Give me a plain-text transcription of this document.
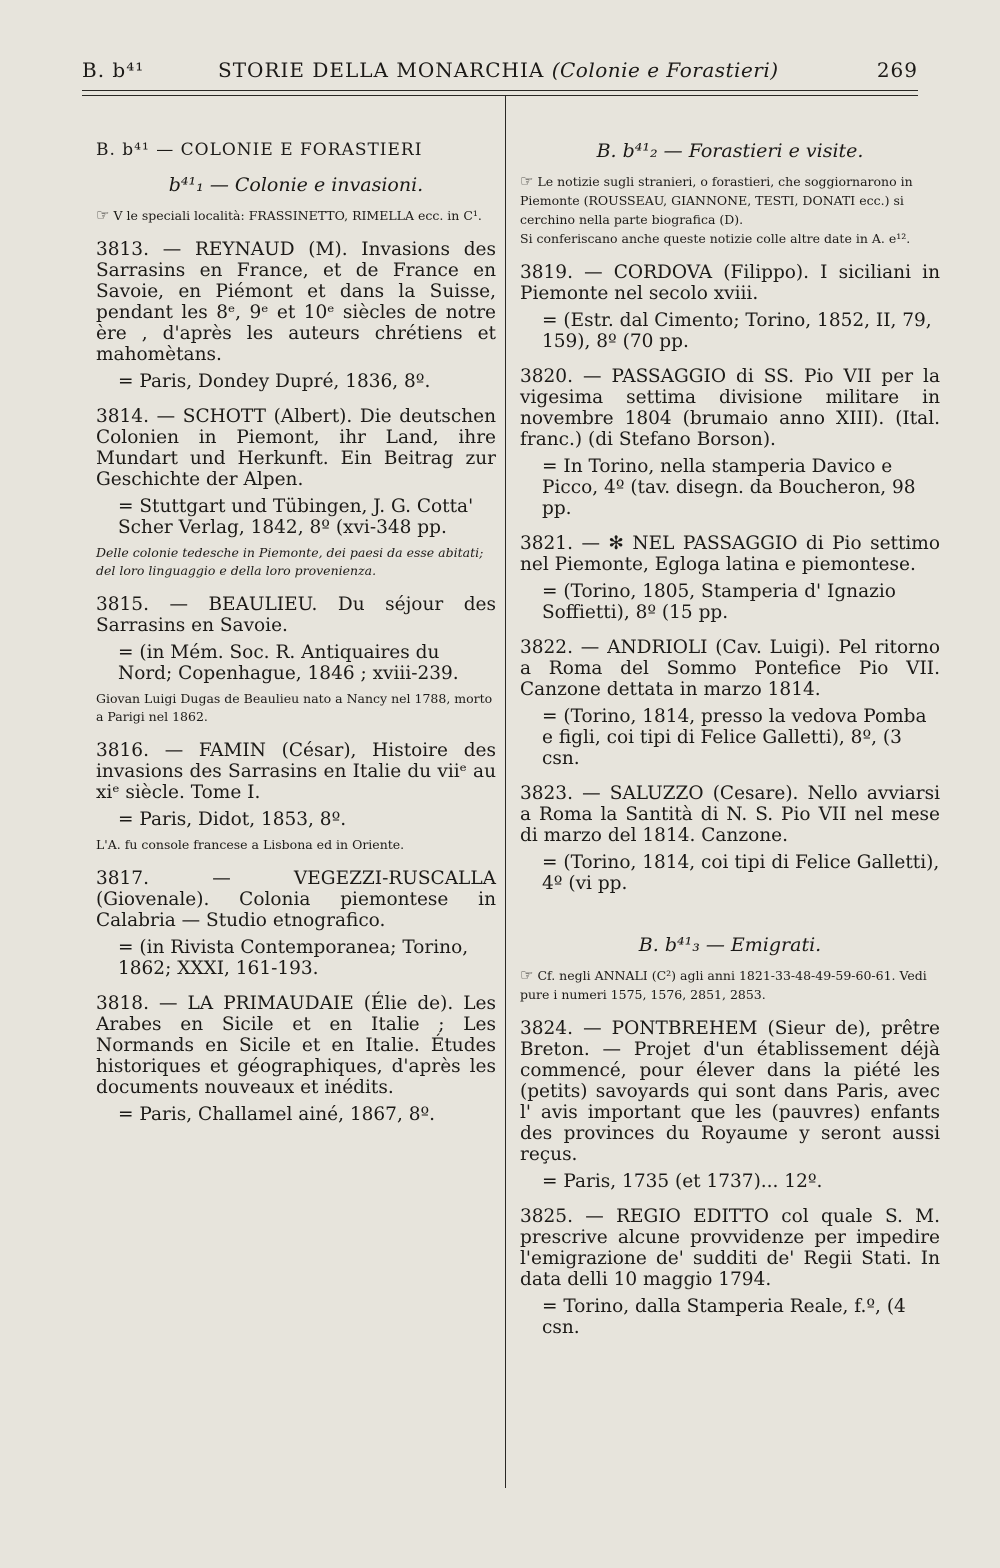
B. b⁴¹	STORIE DELLA MONARCHIA (Colonie e Forastieri)	269
B. b⁴¹ — COLONIE E FORASTIERI
b⁴¹₁ — Colonie e invasioni.
☞ V le speciali località: FRASSINETTO, RIMELLA ecc. in C¹.
3813. — REYNAUD (M). Invasions des Sarrasins en France, et de France en Savoie, en Piémont et dans la Suisse, pendant les 8ᵉ, 9ᵉ et 10ᵉ siècles de notre ère , d'après les auteurs chrétiens et mahomètans.
= Paris, Dondey Dupré, 1836, 8º.
3814. — SCHOTT (Albert). Die deutschen Colonien in Piemont, ihr Land, ihre Mundart und Herkunft. Ein Beitrag zur Geschichte der Alpen.
= Stuttgart und Tübingen, J. G. Cotta' Scher Verlag, 1842, 8º (xvi-348 pp.
Delle colonie tedesche in Piemonte, dei paesi da esse abitati; del loro linguaggio e della loro provenienza.
3815. — BEAULIEU. Du séjour des Sarrasins en Savoie.
= (in Mém. Soc. R. Antiquaires du Nord; Copenhague, 1846 ; xviii-239.
Giovan Luigi Dugas de Beaulieu nato a Nancy nel 1788, morto a Parigi nel 1862.
3816. — FAMIN (César), Histoire des invasions des Sarrasins en Italie du viiᵉ au xiᵉ siècle. Tome I.
= Paris, Didot, 1853, 8º.
L'A. fu console francese a Lisbona ed in Oriente.
3817.	— VEGEZZI-RUSCALLA (Giovenale). Colonia piemontese in Calabria — Studio etnografico.
= (in Rivista Contemporanea; Torino, 1862; XXXI, 161-193.
3818. — LA PRIMAUDAIE (Élie de). Les Arabes en Sicile et en Italie ; Les Normands en Sicile et en Italie. Études historiques et géographiques, d'après les documents nouveaux et inédits.
= Paris, Challamel ainé, 1867, 8º.
B. b⁴¹₂ — Forastieri e visite.
☞ Le notizie sugli stranieri, o forastieri, che soggiornarono in Piemonte (ROUSSEAU, GIANNONE, TESTI, DONATI ecc.) si cerchino nella parte biografica (D).
Si conferiscano anche queste notizie colle altre date in A. e¹².
3819. — CORDOVA (Filippo). I siciliani in Piemonte nel secolo xviii.
= (Estr. dal Cimento; Torino, 1852, II, 79, 159), 8º (70 pp.
3820. — PASSAGGIO di SS. Pio VII per la vigesima settima divisione militare in novembre 1804 (brumaio anno XIII). (Ital. franc.) (di Stefano Borson).
= In Torino, nella stamperia Davico e Picco, 4º (tav. disegn. da Boucheron, 98 pp.
3821. — ✻ NEL PASSAGGIO di Pio settimo nel Piemonte, Egloga latina e piemontese.
= (Torino, 1805, Stamperia d' Ignazio Soffietti), 8º (15 pp.
3822. — ANDRIOLI (Cav. Luigi). Pel ritorno a Roma del Sommo Pontefice Pio VII. Canzone dettata in marzo 1814.
= (Torino, 1814, presso la vedova Pomba e figli, coi tipi di Felice Galletti), 8º, (3 csn.
3823. — SALUZZO (Cesare). Nello avviarsi a Roma la Santità di N. S. Pio VII nel mese di marzo del 1814. Canzone.
= (Torino, 1814, coi tipi di Felice Galletti), 4º (vi pp.
B. b⁴¹₃ — Emigrati.
☞ Cf. negli ANNALI (C²) agli anni 1821-33-48-49-59-60-61. Vedi pure i numeri 1575, 1576, 2851, 2853.
3824. — PONTBREHEM (Sieur de), prêtre Breton. — Projet d'un établissement déjà commencé, pour élever dans la piété les (petits) savoyards qui sont dans Paris, avec l' avis important que les (pauvres) enfants des provinces du Royaume y seront aussi reçus.
= Paris, 1735 (et 1737)... 12º.
3825. — REGIO EDITTO col quale S. M. prescrive alcune provvidenze per impedire l'emigrazione de' sudditi de' Regii Stati. In data delli 10 maggio 1794.
= Torino, dalla Stamperia Reale, f.º, (4 csn.
